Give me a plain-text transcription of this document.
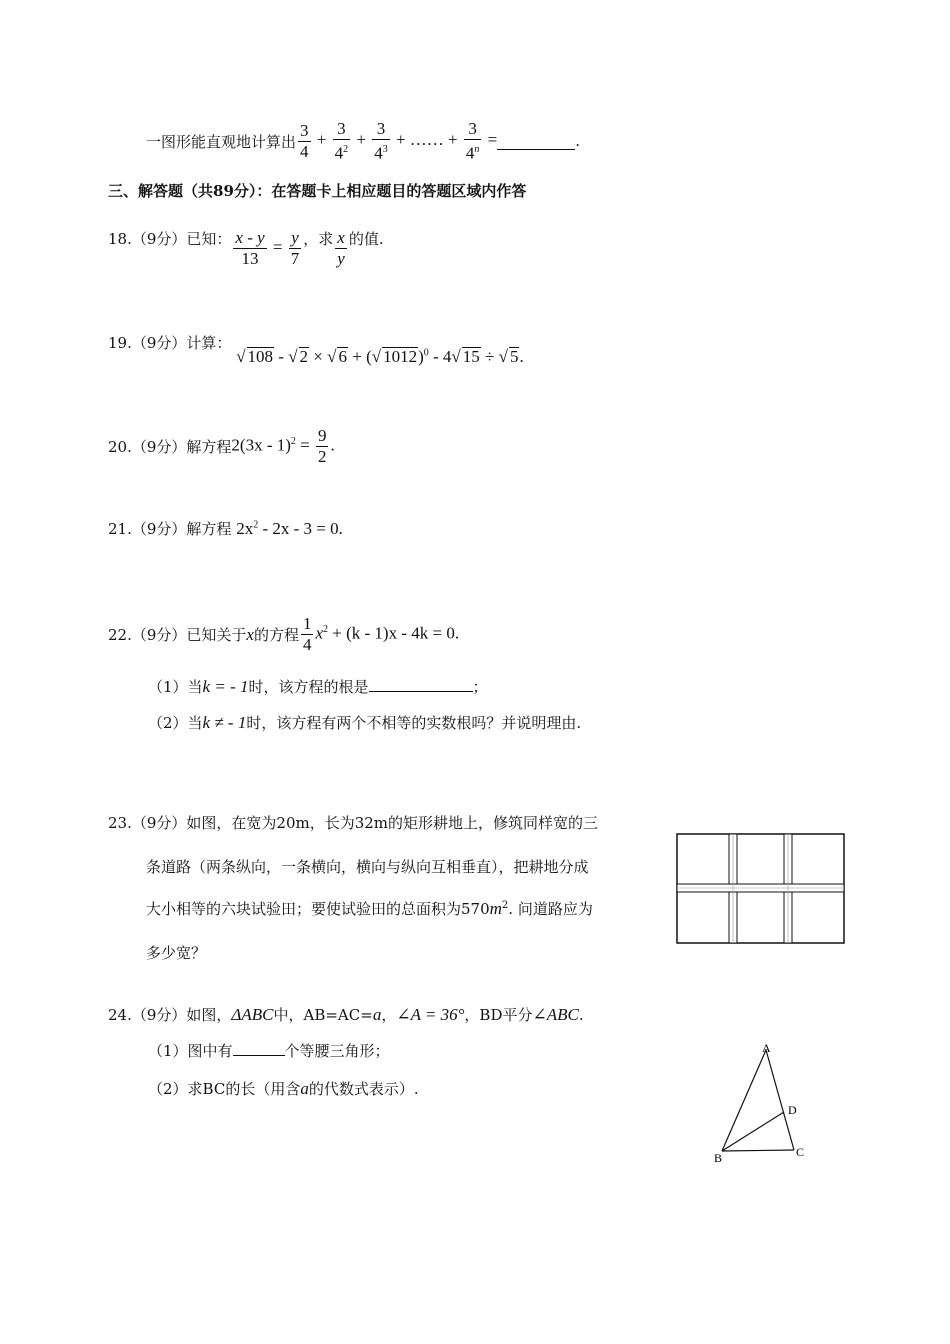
一图形能直观地计算出 $\frac{3}{4} + \frac{3}{4^2} + \frac{3}{4^3}$ + …… + $\frac{3}{4^n}$ =	.
三、解答题（共89分）：在答题卡上相应题目的答题区域内作答
18.（9分）已知： $\frac{x - y}{13} = \frac{y}{7}$ ，求 $\frac{x}{y}$ 的值.
19.（9分）计算： √ 108 - √ 2 × √ 6 + (√ 1012)$^0$ - 4√ 15 ÷ √ 5.
20.（9分）解方程 $2(3x - 1)^2 = \frac{9}{2}$ .
21.（9分）解方程 $2x^2 - 2x - 3 = 0$.
22.（9分）已知关于 x 的方程 $\frac{1}{4} x^2 + (k - 1)x - 4k = 0$.
（1）当k = - 1时，该方程的根是	；
（2）当k ≠ - 1时，该方程有两个不相等的实数根吗？并说明理由.
23.（9分）如图，在宽为20m，长为32m的矩形耕地上，修筑同样宽的三
条道路（两条纵向，一条横向，横向与纵向互相垂直），把耕地分成
大小相等的六块试验田；要使试验田的总面积为$570m^2$. 问道路应为
多少宽？
24.（9分）如图，ΔABC中，AB=AC=a，∠A = 36°，BD平分∠ABC.
（1）图中有	个等腰三角形；
（2）求BC的长（用含a的代数式表示）.
A
B	C
D
